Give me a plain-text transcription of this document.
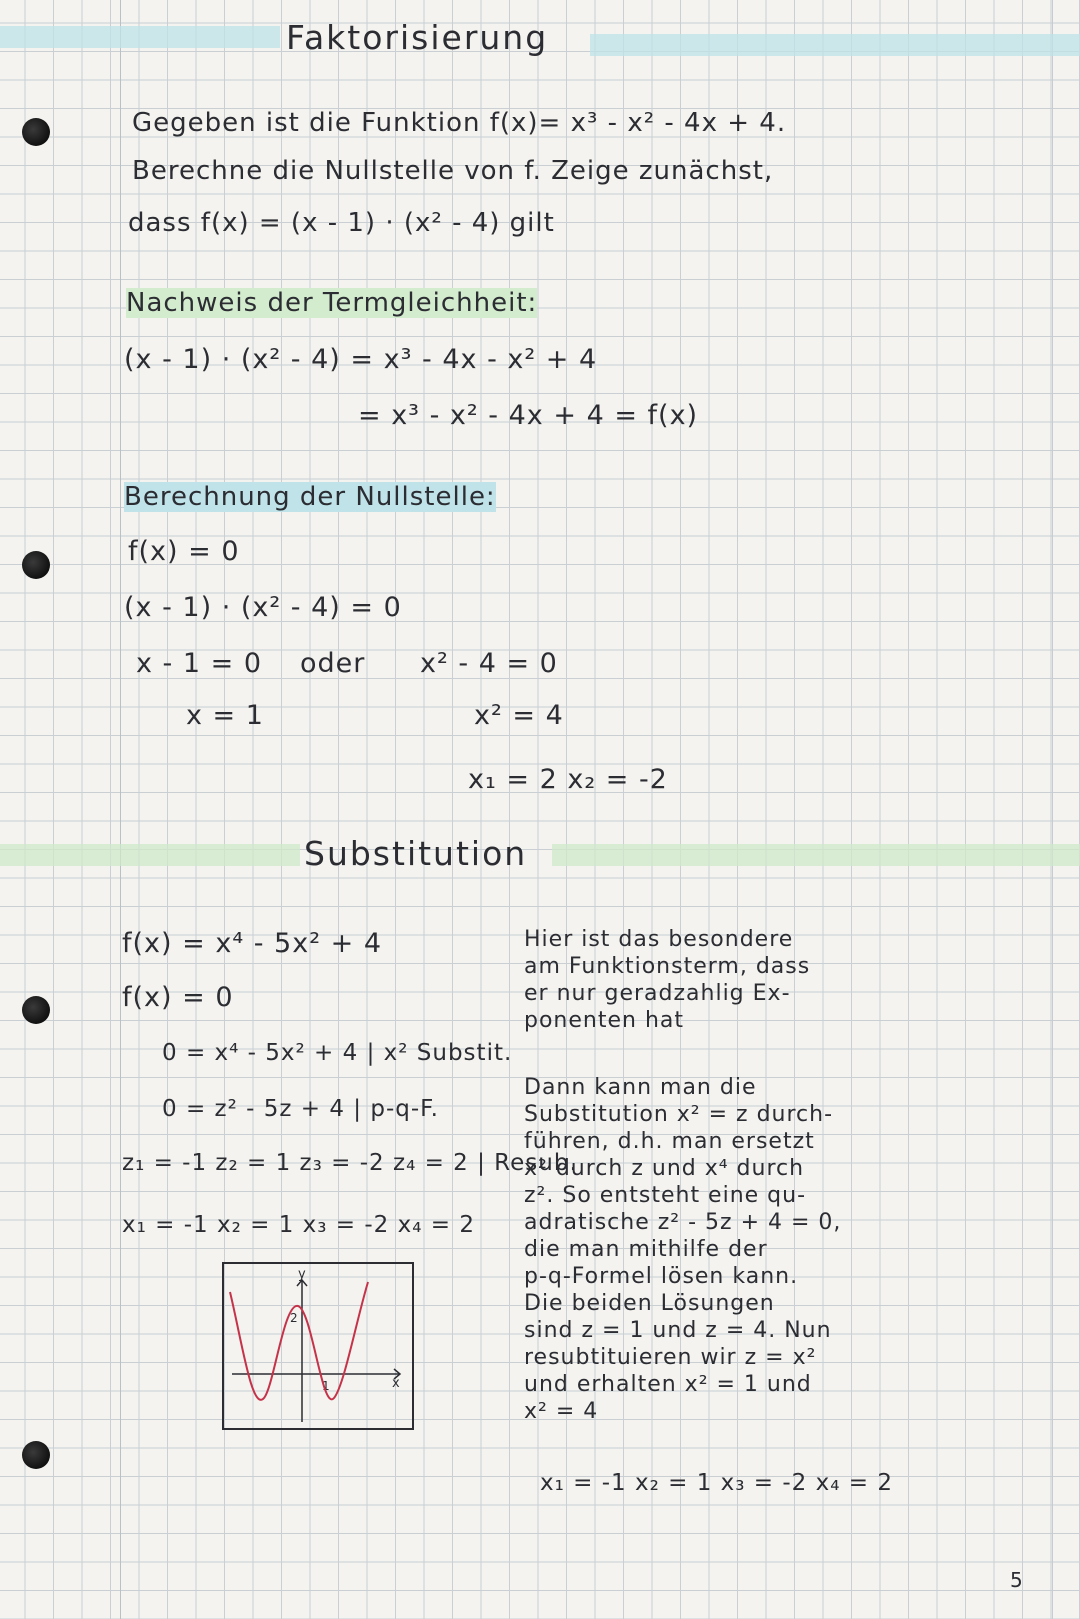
Faktorisierung
Gegeben ist die Funktion f(x)= x³ - x² - 4x + 4.
Berechne die Nullstelle von f. Zeige zunächst,
dass f(x) = (x - 1) · (x² - 4) gilt
Nachweis der Termgleichheit:
(x - 1) · (x² - 4) = x³ - 4x - x² + 4
= x³ - x² - 4x + 4 = f(x)
Berechnung der Nullstelle:
f(x) = 0
(x - 1) · (x² - 4) = 0
x - 1 = 0 oder x² - 4 = 0
x = 1	x² = 4
x₁ = 2 x₂ = -2
Substitution
f(x) = x⁴ - 5x² + 4
f(x) = 0
0 = x⁴ - 5x² + 4 | x² Substit.
0 = z² - 5z + 4 | p-q-F.
z₁ = -1 z₂ = 1 z₃ = -2 z₄ = 2 | Resub.
x₁ = -1 x₂ = 1 x₃ = -2 x₄ = 2
y
x
2
1
Hier ist das besondere
am Funktionsterm, dass
er nur geradzahlig Ex-
ponenten hat
Dann kann man die
Substitution x² = z durch-
führen, d.h. man ersetzt
x² durch z und x⁴ durch
z². So entsteht eine qu-
adratische z² - 5z + 4 = 0,
die man mithilfe der
p-q-Formel lösen kann.
Die beiden Lösungen
sind z = 1 und z = 4. Nun
resubtituieren wir z = x²
und erhalten x² = 1 und
x² = 4
x₁ = -1 x₂ = 1 x₃ = -2 x₄ = 2
5
